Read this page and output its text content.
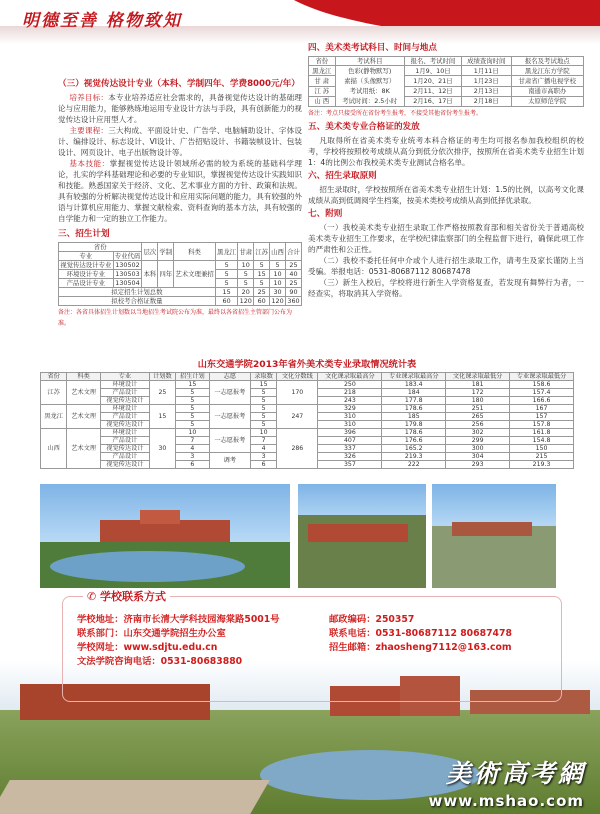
明德至善 格物致知
（三）视觉传达设计专业（本科、学制四年、学费8000元/年）

培养目标：本专业培养适应社会需求的，具备视觉传达设计的基础理论与应用能力，能够熟练地运用专业设计方法与手段，具有创新能力的视觉传达设计应用型人才。

主要课程：三大构成、平面设计史、广告学、电脑辅助设计、字体设计、编排设计、标志设计、VI设计、广告招贴设计、书籍装帧设计、包装设计、网页设计、电子出版物设计等。

基本技能：掌握视觉传达设计领域所必需的较为系统的基础科学理论，扎实的学科基础理论和必要的专业知识，掌握视觉传达设计实践知识和技能。熟悉国家关于经济、文化、艺术事业方面的方针、政策和法规。具有较强的分析解决视觉传达设计和应用实际问题的能力，具有较强的外语与计算机应用能力、掌握文献检索、资料查询的基本方法，具有较强的自学能力和一定的独立工作能力。

三、招生计划
省份		层次	学制	科类	黑龙江	甘肃	江苏	山西	合计
专业	专业代码								
视觉传达设计专业	130502	本科	四年	艺术文理兼招	5	10	5	5	25
环境设计专业	130503				5	5	15	10	40
产品设计专业	130504				5	5	5	10	25
拟定招生计划总数					15	20	25	30	90
拟校考合格证数量					60	120	60	120	360
备注：各省具体招生计划数以当地招生考试院公布为准，最终以各省招生主管部门公布为准。
四、美术类考试科目、时间与地点
省份	考试科目	报名、考试时间	成绩查询时间	报名及考试地点
黑龙江	色彩(静物默写)
素描（头像默写）
考试用纸：8K
考试时间：2.5小时	1月9、10日	1月11日	黑龙江东方学院
甘 肃		1月20、21日	1月23日	甘肃省广播电视学校
江 苏		2月11、12日	2月13日	南通市高职办
山 西		2月16、17日	2月18日	太原师范学院
备注：考点只接受所在省份考生报考，不接受其他省份考生报考。
五、美术类专业合格证的发放

凡取得所在省美术类专业统考本科合格证的考生均可报名参加我校组织的校考，学校将按照校考成绩从高分到低分依次排序，按照所在省美术类专业招生计划1：4的比例公布我校美术类专业测试合格名单。

六、招生录取原则

招生录取时，学校按照所在省美术类专业招生计划：1.5的比例，以高考文化课成绩从高到低调阅学生档案，按美术类校考成绩从高到低择优录取。

七、附则

（一）我校美术类专业招生录取工作严格按照教育部和相关省份关于普通高校美术类专业招生工作要求，在学校纪律监察部门的全程监督下进行，确保此项工作的严肃性和公正性。

（二）我校不委托任何中介或个人进行招生录取工作，请考生及家长谨防上当受骗。举报电话：0531-80687112 80687478

（三）新生入校后，学校将进行新生入学资格复查，若发现有舞弊行为者，一经查实，将取消其入学资格。

山东交通学院2013年省外美术类专业录取情况统计表
省份	科类	专业	计划数	招生计划	志愿	录取数	文化分数线	文化课录取最高分	专业课录取最高分	文化课录取最低分	专业课录取最低分
江苏	艺术文理	环境设计	25	15	一志愿报考	15	170	250	183.4	181	158.6
		产品设计		5		5		218	184	172	157.4
		视觉传达设计		5		5		243	177.8	180	166.6
黑龙江	艺术文理	环境设计	15	5	一志愿报考	5	247	329	178.6	251	167
		产品设计		5		5		310	185	265	157
		视觉传达设计		5		5		310	179.8	256	157.8
山西	艺术文理	环境设计	30	10	一志愿报考	10	286	396	178.6	302	161.8
		产品设计		7		7		407	176.6	299	154.8
		视觉传达设计		4		4		337	165.2	300	150
		产品设计		3	调考	3		326	219.3	304	215
		视觉传达设计		6		6		357	222	293	219.3
美術高考網
www.mshao.com
✆ 学校联系方式
学校地址：济南市长清大学科技园海棠路5001号
联系部门：山东交通学院招生办公室
学校网址：www.sdjtu.edu.cn
文法学院咨询电话：0531-80683880
邮政编码：250357
联系电话：0531-80687112 80687478
招生邮箱：zhaosheng7112@163.com
